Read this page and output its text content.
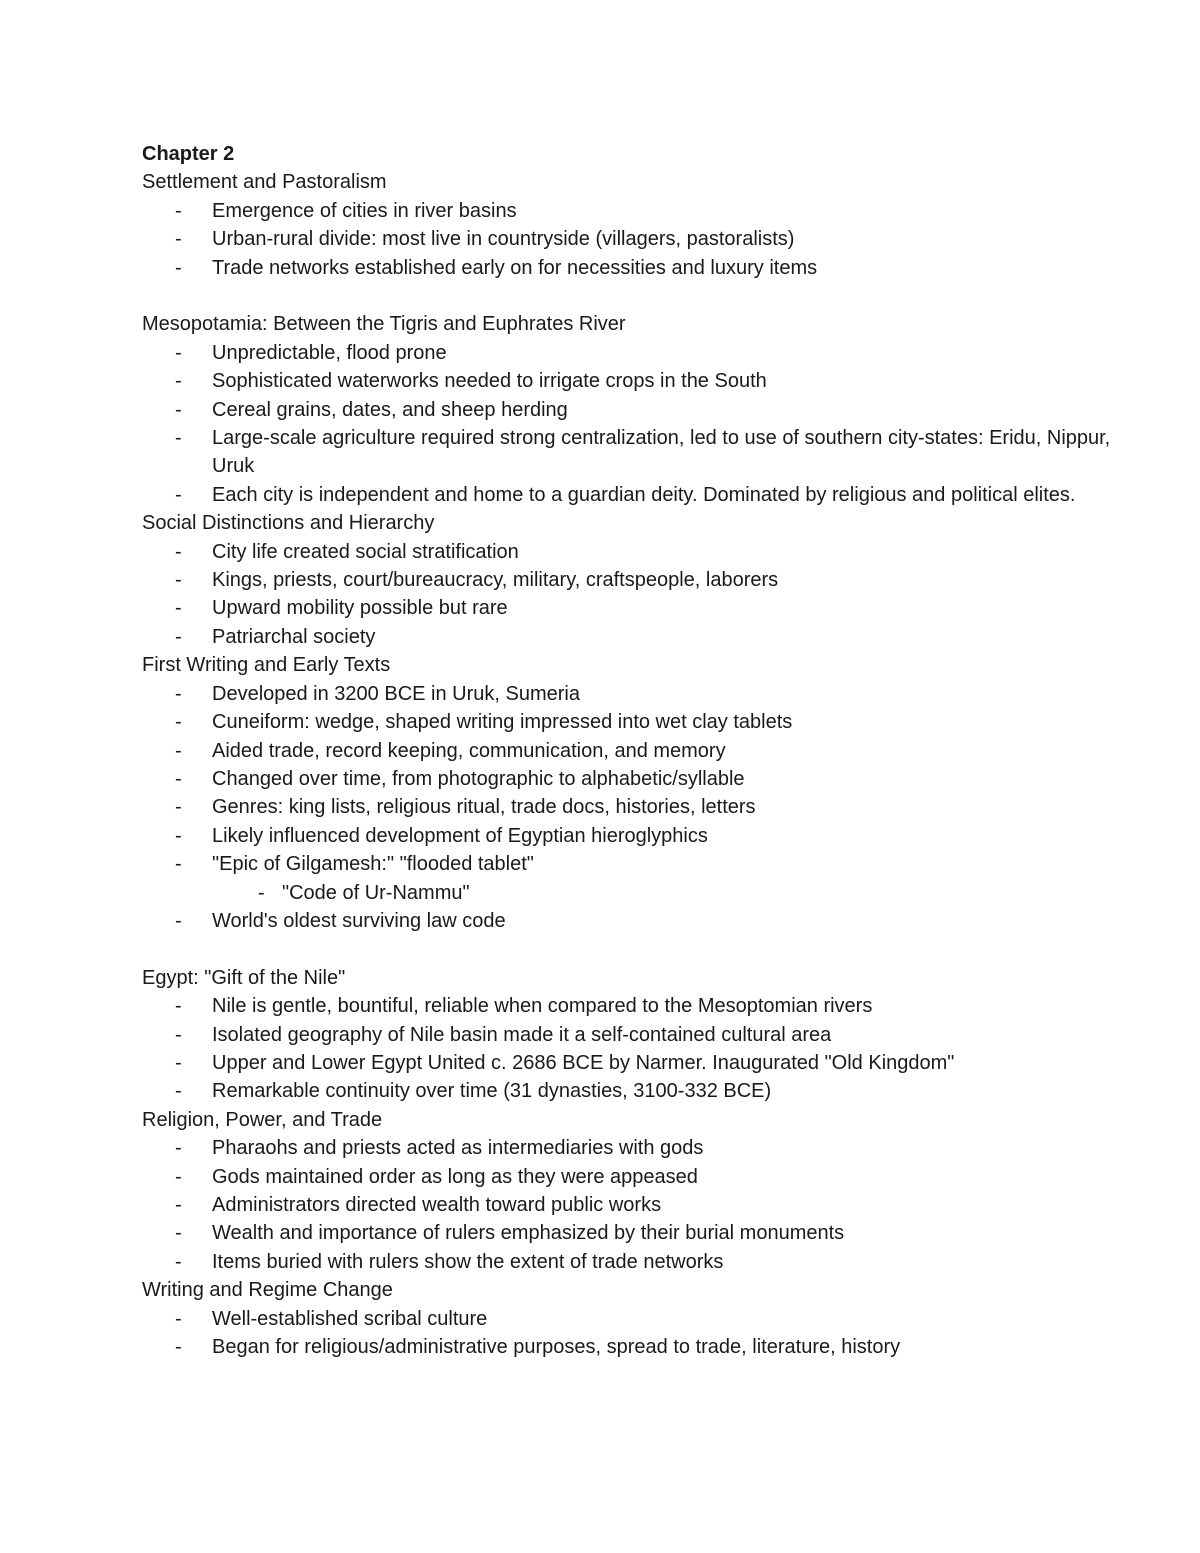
Chapter 2
Settlement and Pastoralism
- Emergence of cities in river basins
- Urban-rural divide: most live in countryside (villagers, pastoralists)
- Trade networks established early on for necessities and luxury items
Mesopotamia: Between the Tigris and Euphrates River
- Unpredictable, flood prone
- Sophisticated waterworks needed to irrigate crops in the South
- Cereal grains, dates, and sheep herding
- Large-scale agriculture required strong centralization, led to use of southern city-states: Eridu, Nippur, Uruk
- Each city is independent and home to a guardian deity. Dominated by religious and political elites.
Social Distinctions and Hierarchy
- City life created social stratification
- Kings, priests, court/bureaucracy, military, craftspeople, laborers
- Upward mobility possible but rare
- Patriarchal society
First Writing and Early Texts
- Developed in 3200 BCE in Uruk, Sumeria
- Cuneiform: wedge, shaped writing impressed into wet clay tablets
- Aided trade, record keeping, communication, and memory
- Changed over time, from photographic to alphabetic/syllable
- Genres: king lists, religious ritual, trade docs, histories, letters
- Likely influenced development of Egyptian hieroglyphics
- "Epic of Gilgamesh:" "flooded tablet"
- "Code of Ur-Nammu"
- World's oldest surviving law code
Egypt: "Gift of the Nile"
- Nile is gentle, bountiful, reliable when compared to the Mesoptomian rivers
- Isolated geography of Nile basin made it a self-contained cultural area
- Upper and Lower Egypt United c. 2686 BCE by Narmer. Inaugurated "Old Kingdom"
- Remarkable continuity over time (31 dynasties, 3100-332 BCE)
Religion, Power, and Trade
- Pharaohs and priests acted as intermediaries with gods
- Gods maintained order as long as they were appeased
- Administrators directed wealth toward public works
- Wealth and importance of rulers emphasized by their burial monuments
- Items buried with rulers show the extent of trade networks
Writing and Regime Change
- Well-established scribal culture
- Began for religious/administrative purposes, spread to trade, literature, history
